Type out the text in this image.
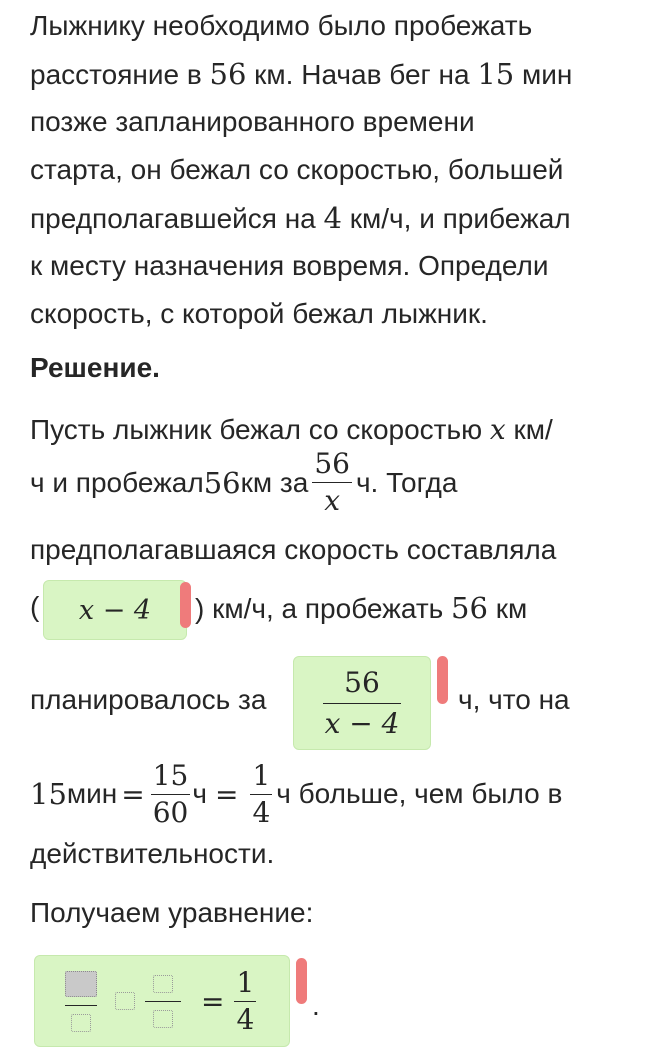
Лыжнику необходимо было пробежать
расстояние в 56 км. Начав бег на 15 мин
позже запланированного времени
старта, он бежал со скоростью, большей
предполагавшейся на 4 км/ч, и прибежал
к месту назначения вовремя. Определи
скорость, с которой бежал лыжник.
Решение.
Пусть лыжник бежал со скоростью x км/
ч и пробежал 56 км за $\frac{56}{x} ч$. Тогда
предполагавшаяся скорость составляла
(	x − 4	) км/ч, а пробежать 56 км
планировалось за $\frac{56}{x - 4} ч$, что на
15 мин = $\frac{15}{60}$ $ч = \frac{1}{4}$ ч больше, чем было в
действительности.
Получаем уравнение:
= $\frac{1}{4}$ .
